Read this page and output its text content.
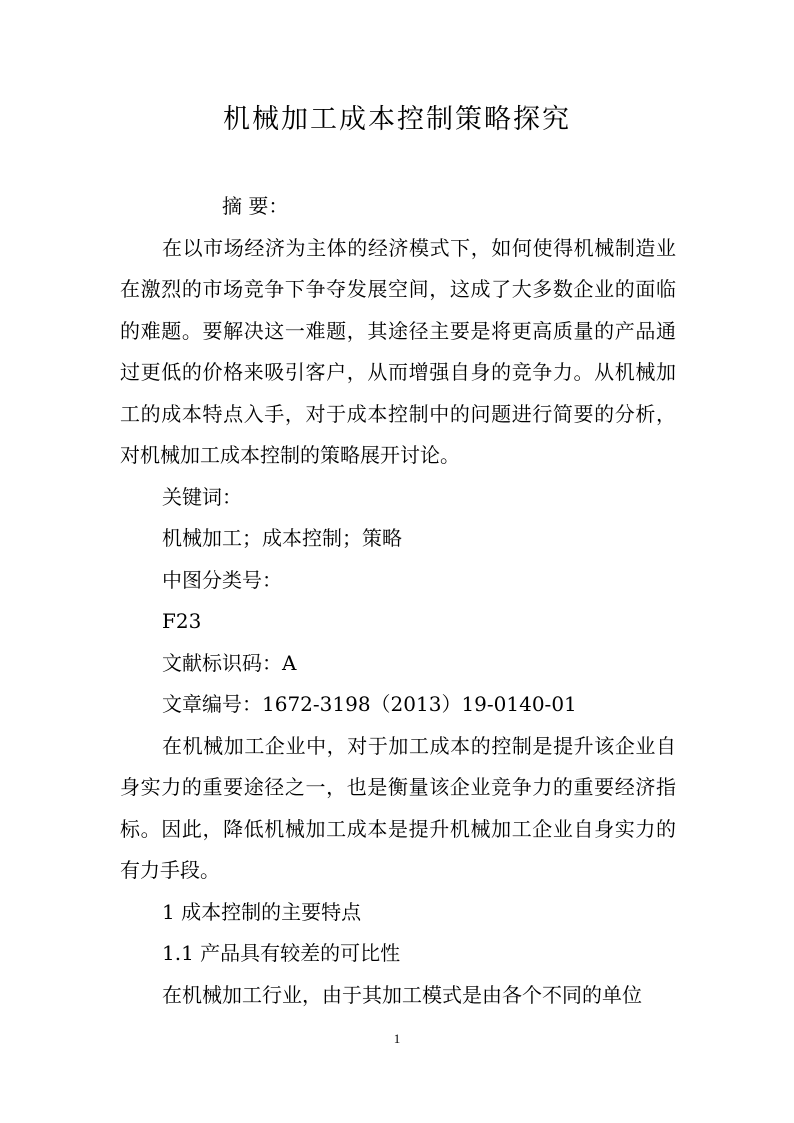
机械加工成本控制策略探究

摘 要：

在以市场经济为主体的经济模式下，如何使得机械制造业在激烈的市场竞争下争夺发展空间，这成了大多数企业的面临的难题。要解决这一难题，其途径主要是将更高质量的产品通过更低的价格来吸引客户，从而增强自身的竞争力。从机械加工的成本特点入手，对于成本控制中的问题进行简要的分析，对机械加工成本控制的策略展开讨论。

关键词：

机械加工；成本控制；策略

中图分类号：

F23

文献标识码：A

文章编号：1672-3198（2013）19-0140-01

在机械加工企业中，对于加工成本的控制是提升该企业自身实力的重要途径之一，也是衡量该企业竞争力的重要经济指标。因此，降低机械加工成本是提升机械加工企业自身实力的有力手段。

1 成本控制的主要特点

1.1 产品具有较差的可比性

在机械加工行业，由于其加工模式是由各个不同的单位

1
